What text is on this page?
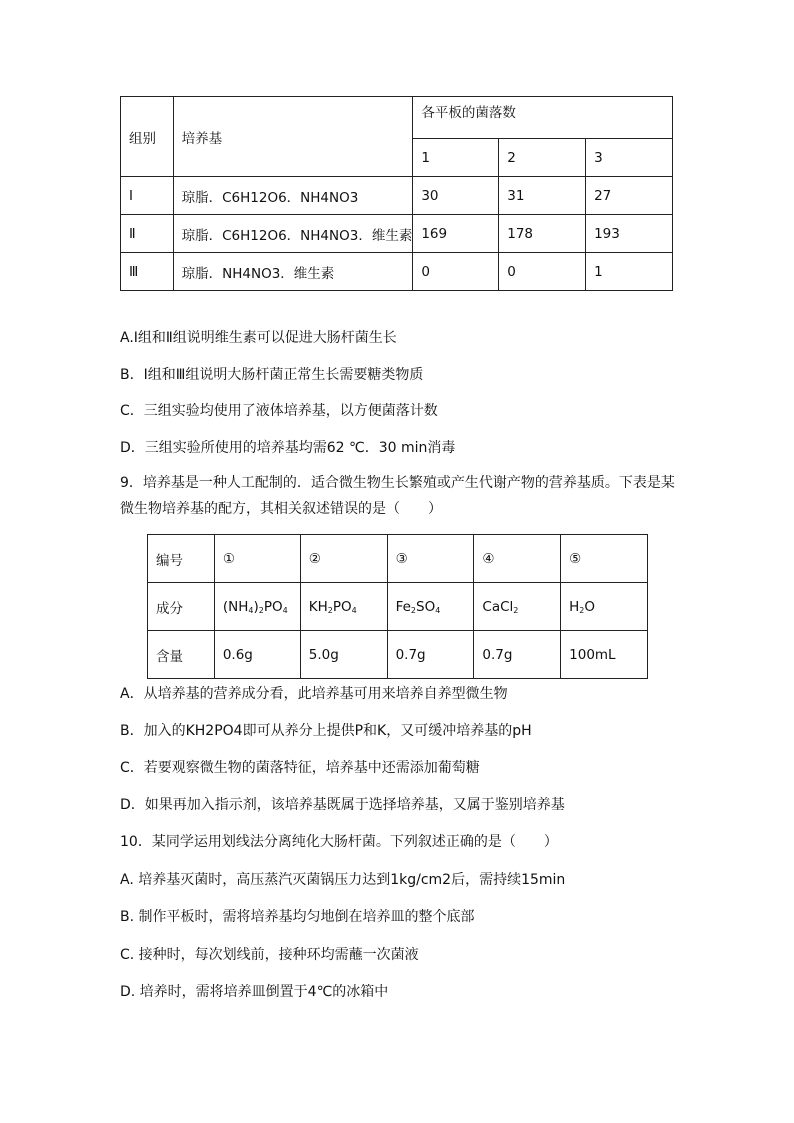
组别	培养基	各平板的菌落数		
		1	2	3
Ⅰ	琼脂．C6H12O6．NH4NO3	30	31	27
Ⅱ	琼脂．C6H12O6．NH4NO3．维生素	169	178	193
Ⅲ	琼脂．NH4NO3．维生素	0	0	1
A.Ⅰ组和Ⅱ组说明维生素可以促进大肠杆菌生长
B．Ⅰ组和Ⅲ组说明大肠杆菌正常生长需要糖类物质
C．三组实验均使用了液体培养基，以方便菌落计数
D．三组实验所使用的培养基均需62 ℃．30 min消毒
9．培养基是一种人工配制的．适合微生物生长繁殖或产生代谢产物的营养基质。下表是某微生物培养基的配方，其相关叙述错误的是（　　）
编号	①	②	③	④	⑤
成分	$(NH_4)_2PO_4$	$KH_2PO_4$	$Fe_2SO_4$	CaCl$_2$	$H_2O$
含量	0.6g	5.0g	0.7g	0.7g	100mL
A．从培养基的营养成分看，此培养基可用来培养自养型微生物
B．加入的KH2PO4即可从养分上提供P和K，又可缓冲培养基的pH
C．若要观察微生物的菌落特征，培养基中还需添加葡萄糖
D．如果再加入指示剂，该培养基既属于选择培养基，又属于鉴别培养基
10．某同学运用划线法分离纯化大肠杆菌。下列叙述正确的是（　　）
A. 培养基灭菌时，高压蒸汽灭菌锅压力达到1kg/cm2后，需持续15min
B. 制作平板时，需将培养基均匀地倒在培养皿的整个底部
C. 接种时，每次划线前，接种环均需蘸一次菌液
D. 培养时，需将培养皿倒置于4℃的冰箱中
